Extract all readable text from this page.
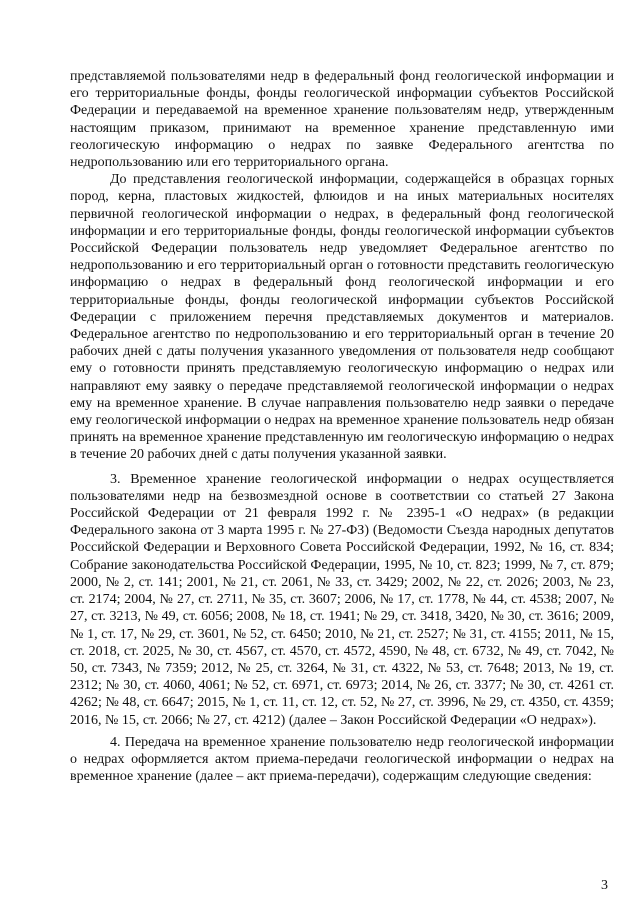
представляемой пользователями недр в федеральный фонд геологической информации и его территориальные фонды, фонды геологической информации субъектов Российской Федерации и передаваемой на временное хранение пользователям недр, утвержденным настоящим приказом, принимают на временное хранение представленную ими геологическую информацию о недрах по заявке Федерального агентства по недропользованию или его территориального органа.

До представления геологической информации, содержащейся в образцах горных пород, керна, пластовых жидкостей, флюидов и на иных материальных носителях первичной геологической информации о недрах, в федеральный фонд геологической информации и его территориальные фонды, фонды геологической информации субъектов Российской Федерации пользователь недр уведомляет Федеральное агентство по недропользованию и его территориальный орган о готовности представить геологическую информацию о недрах в федеральный фонд геологической информации и его территориальные фонды, фонды геологической информации субъектов Российской Федерации с приложением перечня представляемых документов и материалов. Федеральное агентство по недропользованию и его территориальный орган в течение 20 рабочих дней с даты получения указанного уведомления от пользователя недр сообщают ему о готовности принять представляемую геологическую информацию о недрах или направляют ему заявку о передаче представляемой геологической информации о недрах ему на временное хранение. В случае направления пользователю недр заявки о передаче ему геологической информации о недрах на временное хранение пользователь недр обязан принять на временное хранение представленную им геологическую информацию о недрах в течение 20 рабочих дней с даты получения указанной заявки.

3. Временное хранение геологической информации о недрах осуществляется пользователями недр на безвозмездной основе в соответствии со статьей 27 Закона Российской Федерации от 21 февраля 1992 г. № 2395-1 «О недрах» (в редакции Федерального закона от 3 марта 1995 г. № 27-ФЗ) (Ведомости Съезда народных депутатов Российской Федерации и Верховного Совета Российской Федерации, 1992, № 16, ст. 834; Собрание законодательства Российской Федерации, 1995, № 10, ст. 823; 1999, № 7, ст. 879; 2000, № 2, ст. 141; 2001, № 21, ст. 2061, № 33, ст. 3429; 2002, № 22, ст. 2026; 2003, № 23, ст. 2174; 2004, № 27, ст. 2711, № 35, ст. 3607; 2006, № 17, ст. 1778, № 44, ст. 4538; 2007, № 27, ст. 3213, № 49, ст. 6056; 2008, № 18, ст. 1941; № 29, ст. 3418, 3420, № 30, ст. 3616; 2009, № 1, ст. 17, № 29, ст. 3601, № 52, ст. 6450; 2010, № 21, ст. 2527; № 31, ст. 4155; 2011, № 15, ст. 2018, ст. 2025, № 30, ст. 4567, ст. 4570, ст. 4572, 4590, № 48, ст. 6732, № 49, ст. 7042, № 50, ст. 7343, № 7359; 2012, № 25, ст. 3264, № 31, ст. 4322, № 53, ст. 7648; 2013, № 19, ст. 2312; № 30, ст. 4060, 4061; № 52, ст. 6971, ст. 6973; 2014, № 26, ст. 3377; № 30, ст. 4261 ст. 4262; № 48, ст. 6647; 2015, № 1, ст. 11, ст. 12, ст. 52, № 27, ст. 3996, № 29, ст. 4350, ст. 4359; 2016, № 15, ст. 2066; № 27, ст. 4212) (далее – Закон Российской Федерации «О недрах»).

4. Передача на временное хранение пользователю недр геологической информации о недрах оформляется актом приема-передачи геологической информации о недрах на временное хранение (далее – акт приема-передачи), содержащим следующие сведения:

3
